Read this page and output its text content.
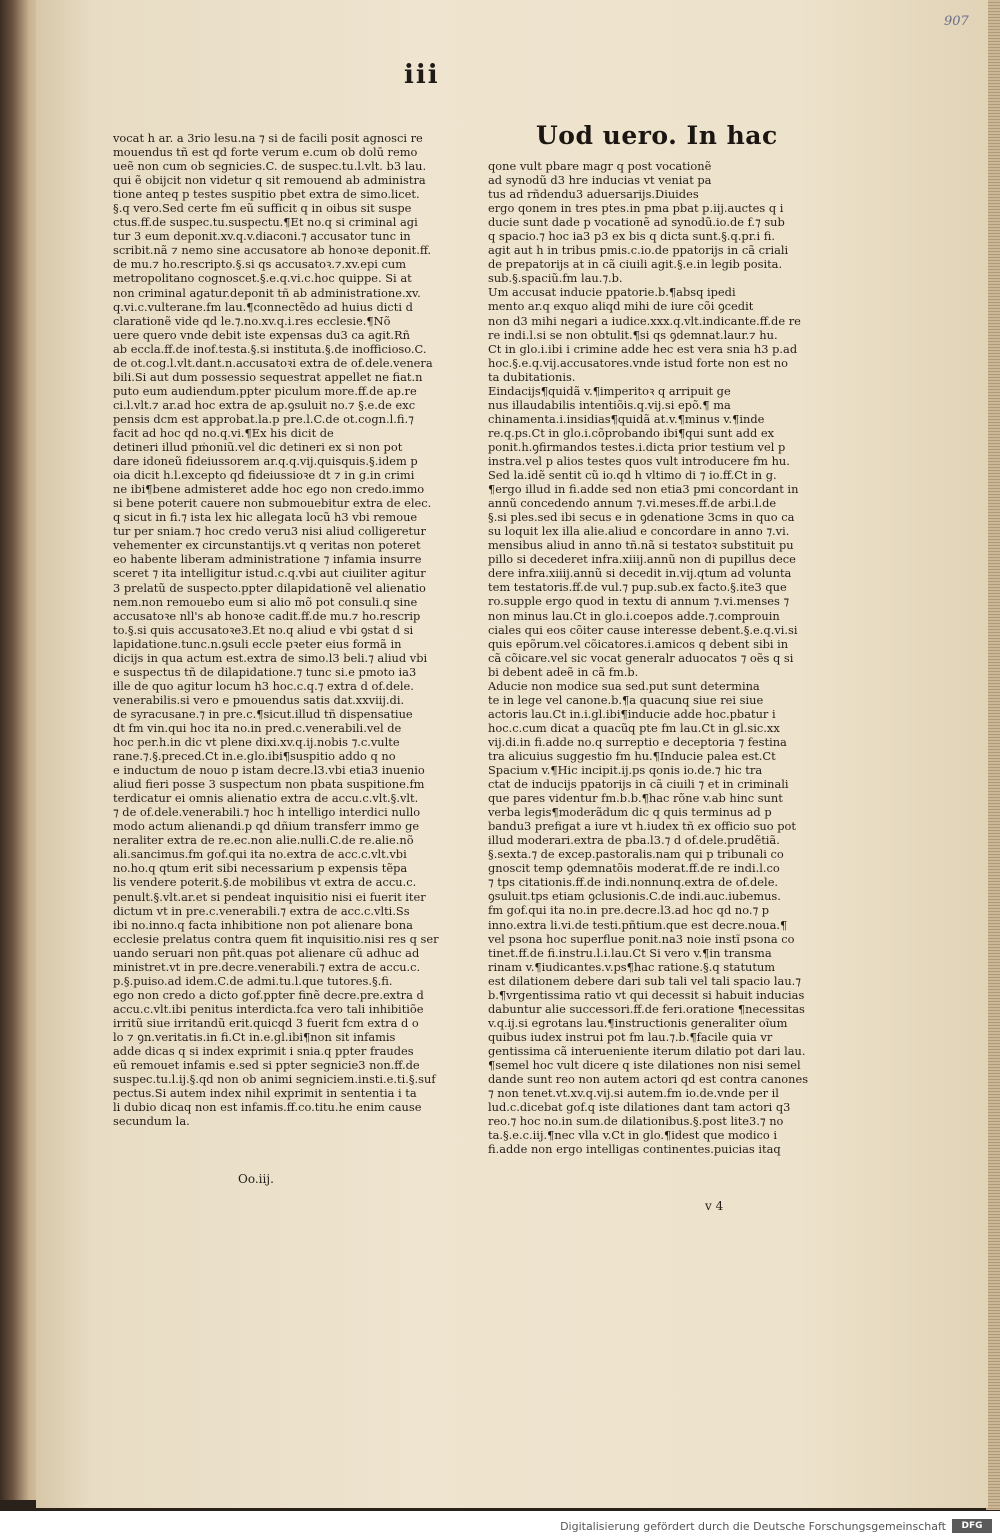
907
iii
vocat h ar. a 3rio lesu.na ⁊ si de facili posit agnosci re
mouendus tñ est qd forte verum e.cum ob dolū remo
ueẽ non cum ob segnicies.C. de suspec.tu.l.vlt. b3 lau.
qui ẽ obijcit non videtur q sit remouend ab administra
tione anteq p testes suspitio pbet extra de simo.licet.
§.q vero.Sed certe fm eũ sufficit q in oibus sit suspe
ctus.ff.de suspec.tu.suspectu.¶Et no.q si criminal agi
tur 3 eum deponit.xv.q.v.diaconi.⁊ accusator tunc in
scribit.nã ⁊ nemo sine accusatore ab honoꝛe deponit.ff.
de mu.⁊ ho.rescripto.§.si qs accusatoꝛ.⁊.xv.epi cum
metropolitano cognoscet.§.e.q.vi.c.hoc quippe. Si at
non criminal agatur.deponit tñ ab administratione.xv.
q.vi.c.vulterane.fm lau.¶connectẽdo ad huius dicti d
clarationẽ vide qd le.⁊.no.xv.q.i.res ecclesie.¶Nõ
uere quero vnde debit iste expensas du3 ca agit.Rñ
ab eccla.ff.de inof.testa.§.si instituta.§.de inofficioso.C.
de ot.cog.l.vlt.dant.n.accusatoꝛi extra de of.dele.venera
bili.Si aut dum possessio sequestrat appellet ne fiat.n
puto eum audiendum.ppter piculum more.ff.de ap.re
ci.l.vlt.⁊ ar.ad hoc extra de ap.ꝯsuluit no.⁊ §.e.de exc
pensis dcm est approbat.la.p pre.l.C.de ot.cogn.l.fi.⁊
facit ad hoc qd no.q.vi.¶Ex his dicit de
detineri illud pṁoniũ.vel dic detineri ex si non pot
dare idoneũ fideiussorem ar.q.q.vij.quisquis.§.idem p
oia dicit h.l.excepto qd fideiussioꝛe dt ⁊ in g.in crimi
ne ibi¶bene admisteret adde hoc ego non credo.immo
si bene poterit cauere non submouebitur extra de elec.
q sicut in fi.⁊ ista lex hic allegata locũ h3 vbi remoue
tur per sniam.⁊ hoc credo veru3 nisi aliud colligeretur
vehementer ex circunstantijs.vt q veritas non poteret
eo habente liberam administratione ⁊ infamia insurre
sceret ⁊ ita intelligitur istud.c.q.vbi aut ciuiliter agitur
3 prelatũ de suspecto.ppter dilapidationẽ vel alienatio
nem.non remouebo eum si alio mõ pot consuli.q sine
accusatoꝛe nll's ab honoꝛe cadit.ff.de mu.⁊ ho.rescrip
to.§.si quis accusatoꝛe3.Et no.q aliud e vbi ꝯstat d si
lapidatione.tunc.n.ꝯsuli eccle pꝛeter eius formã in
dicijs in qua actum est.extra de simo.l3 beli.⁊ aliud vbi
e suspectus tñ de dilapidatione.⁊ tunc si.e pmoto ia3
ille de quo agitur locum h3 hoc.c.q.⁊ extra d of.dele.
venerabilis.si vero e pmouendus satis dat.xxviij.di.
de syracusane.⁊ in pre.c.¶sicut.illud tñ dispensatiue
dt fm vin.qui hoc ita no.in pred.c.venerabili.vel de
hoc per.h.in dic vt plene dixi.xv.q.ij.nobis ⁊.c.vulte
rane.⁊.§.preced.Ct in.e.glo.ibi¶suspitio addo q no
e inductum de nouo p istam decre.l3.vbi etia3 inuenio
aliud fieri posse 3 suspectum non pbata suspitione.fm
terdicatur ei omnis alienatio extra de accu.c.vlt.§.vlt.
⁊ de of.dele.venerabili.⁊ hoc h intelligo interdici nullo
modo actum alienandi.p qd dñium transferr immo ge
neraliter extra de re.ec.non alie.nulli.C.de re.alie.nõ
ali.sancimus.fm gof.qui ita no.extra de acc.c.vlt.vbi
no.ho.q qtum erit sibi necessarium p expensis tẽpa
lis vendere poterit.§.de mobilibus vt extra de accu.c.
penult.§.vlt.ar.et si pendeat inquisitio nisi ei fuerit iter
dictum vt in pre.c.venerabili.⁊ extra de acc.c.vlti.Ss
ibi no.inno.q facta inhibitione non pot alienare bona
ecclesie prelatus contra quem fit inquisitio.nisi res q ser
uando seruari non pñt.quas pot alienare cũ adhuc ad
ministret.vt in pre.decre.venerabili.⁊ extra de accu.c.
p.§.puiso.ad idem.C.de admi.tu.l.que tutores.§.fi.
ego non credo a dicto gof.ppter finẽ decre.pre.extra d
accu.c.vlt.ibi penitus interdicta.fca vero tali inhibitiõe
irritũ siue irritandũ erit.quicqd 3 fuerit fcm extra d o
lo ⁊ ꝯn.veritatis.in fi.Ct in.e.gl.ibi¶non sit infamis
adde dicas q si index exprimit i snia.q ppter fraudes
eũ remouet infamis e.sed si ppter segnicie3 non.ff.de
suspec.tu.l.ij.§.qd non ob animi segniciem.insti.e.ti.§.suf
pectus.Si autem index nihil exprimit in sententia i ta
li dubio dicaq non est infamis.ff.co.titu.he enim cause
secundum la.
Uod uero. In hac
qone vult pbare magr q post vocationẽ
ad synodũ d3 hre inducias vt veniat pa
tus ad rñdendu3 aduersarijs.Diuides
ergo qonem in tres ptes.in pma pbat p.iij.auctes q i
ducie sunt dade p vocationẽ ad synodũ.io.de f.⁊ sub
q spacio.⁊ hoc ia3 p3 ex bis q dicta sunt.§.q.pr.i fi.
agit aut h in tribus pmis.c.io.de ppatorijs in cã criali
de prepatorijs at in cã ciuili agit.§.e.in legib posita.
sub.§.spaciũ.fm lau.⁊.b.
Um accusat inducie ppatorie.b.¶absq ipedi
mento ar.q exquo aliqd mihi de iure cõi ꝯcedit
non d3 mihi negari a iudice.xxx.q.vlt.indicante.ff.de re
re indi.l.si se non obtulit.¶si qs ꝯdemnat.laur.⁊ hu.
Ct in glo.i.ibi i crimine adde hec est vera snia h3 p.ad
hoc.§.e.q.vij.accusatores.vnde istud forte non est no
ta dubitationis.
Eindacijs¶quidã v.¶imperitoꝛ q arripuit ge
nus illaudabilis intentiõis.q.vij.si epõ.¶ ma
chinamenta.i.insidias¶quidã at.v.¶minus v.¶inde
re.q.ps.Ct in glo.i.cõprobando ibi¶qui sunt add ex
ponit.h.ꝯfirmandos testes.i.dicta prior testium vel p
instra.vel p alios testes quos vult introducere fm hu.
Sed la.idẽ sentit cũ io.qd h vltimo di ⁊ io.ff.Ct in g.
¶ergo illud in fi.adde sed non etia3 pmi concordant in
annũ concedendo annum ⁊.vi.meses.ff.de arbi.l.de
§.si ples.sed ibi secus e in ꝯdenatione 3cms in quo ca
su loquit lex illa alie.aliud e concordare in anno ⁊.vi.
mensibus aliud in anno tñ.nã si testatoꝛ substituit pu
pillo si decederet infra.xiiij.annũ non di pupillus dece
dere infra.xiiij.annũ si decedit in.vij.qtum ad volunta
tem testatoris.ff.de vul.⁊ pup.sub.ex facto.§.ite3 que
ro.supple ergo quod in textu di annum ⁊.vi.menses ⁊
non minus lau.Ct in glo.i.coepos adde.⁊.comprouin
ciales qui eos cõiter cause interesse debent.§.e.q.vi.si
quis epõrum.vel cõicatores.i.amicos q debent sibi in
cã cõicare.vel sic vocat generalr aduocatos ⁊ oẽs q si
bi debent adeẽ in cã fm.b.
Aducie non modice sua sed.put sunt determina
te in lege vel canone.b.¶a quacunq siue rei siue
actoris lau.Ct in.i.gl.ibi¶inducie adde hoc.pbatur i
hoc.c.cum dicat a quacũq pte fm lau.Ct in gl.sic.xx
vij.di.in fi.adde no.q surreptio e deceptoria ⁊ festina
tra alicuius suggestio fm hu.¶Inducie palea est.Ct
Spacium v.¶Hic incipit.ij.ps qonis io.de.⁊ hic tra
ctat de inducijs ppatorijs in cã ciuili ⁊ et in criminali
que pares videntur fm.b.b.¶hac rõne v.ab hinc sunt
verba legis¶moderãdum dic q quis terminus ad p
bandu3 prefigat a iure vt h.iudex tñ ex officio suo pot
illud moderari.extra de pba.l3.⁊ d of.dele.prudẽtiã.
§.sexta.⁊ de excep.pastoralis.nam qui p tribunali co
gnoscit temp ꝯdemnatõis moderat.ff.de re indi.l.co
⁊ tps citationis.ff.de indi.nonnunq.extra de of.dele.
ꝯsuluit.tps etiam ꝯclusionis.C.de indi.auc.iubemus.
fm gof.qui ita no.in pre.decre.l3.ad hoc qd no.⁊ p
inno.extra li.vi.de testi.pñtium.que est decre.noua.¶
vel psona hoc superflue ponit.na3 noie instĩ psona co
tinet.ff.de fi.instru.l.i.lau.Ct Si vero v.¶in transma
rinam v.¶iudicantes.v.ps¶hac ratione.§.q statutum
est dilationem debere dari sub tali vel tali spacio lau.⁊
b.¶vrgentissima ratio vt qui decessit si habuit inducias
dabuntur alie successori.ff.de feri.oratione ¶necessitas
v.q.ij.si egrotans lau.¶instructionis generaliter oĩum
quibus iudex instrui pot fm lau.⁊.b.¶facile quia vr
gentissima cã interueniente iterum dilatio pot dari lau.
¶semel hoc vult dicere q iste dilationes non nisi semel
dande sunt reo non autem actori qd est contra canones
⁊ non tenet.vt.xv.q.vij.si autem.fm io.de.vnde per il
lud.c.dicebat gof.q iste dilationes dant tam actori q3
reo.⁊ hoc no.in sum.de dilationibus.§.post lite3.⁊ no
ta.§.e.c.iij.¶nec vlla v.Ct in glo.¶idest que modico i
fi.adde non ergo intelligas continentes.puicias itaq
Oo.iij.
v 4
Digitalisierung gefördert durch die Deutsche Forschungsgemeinschaft	DFG
